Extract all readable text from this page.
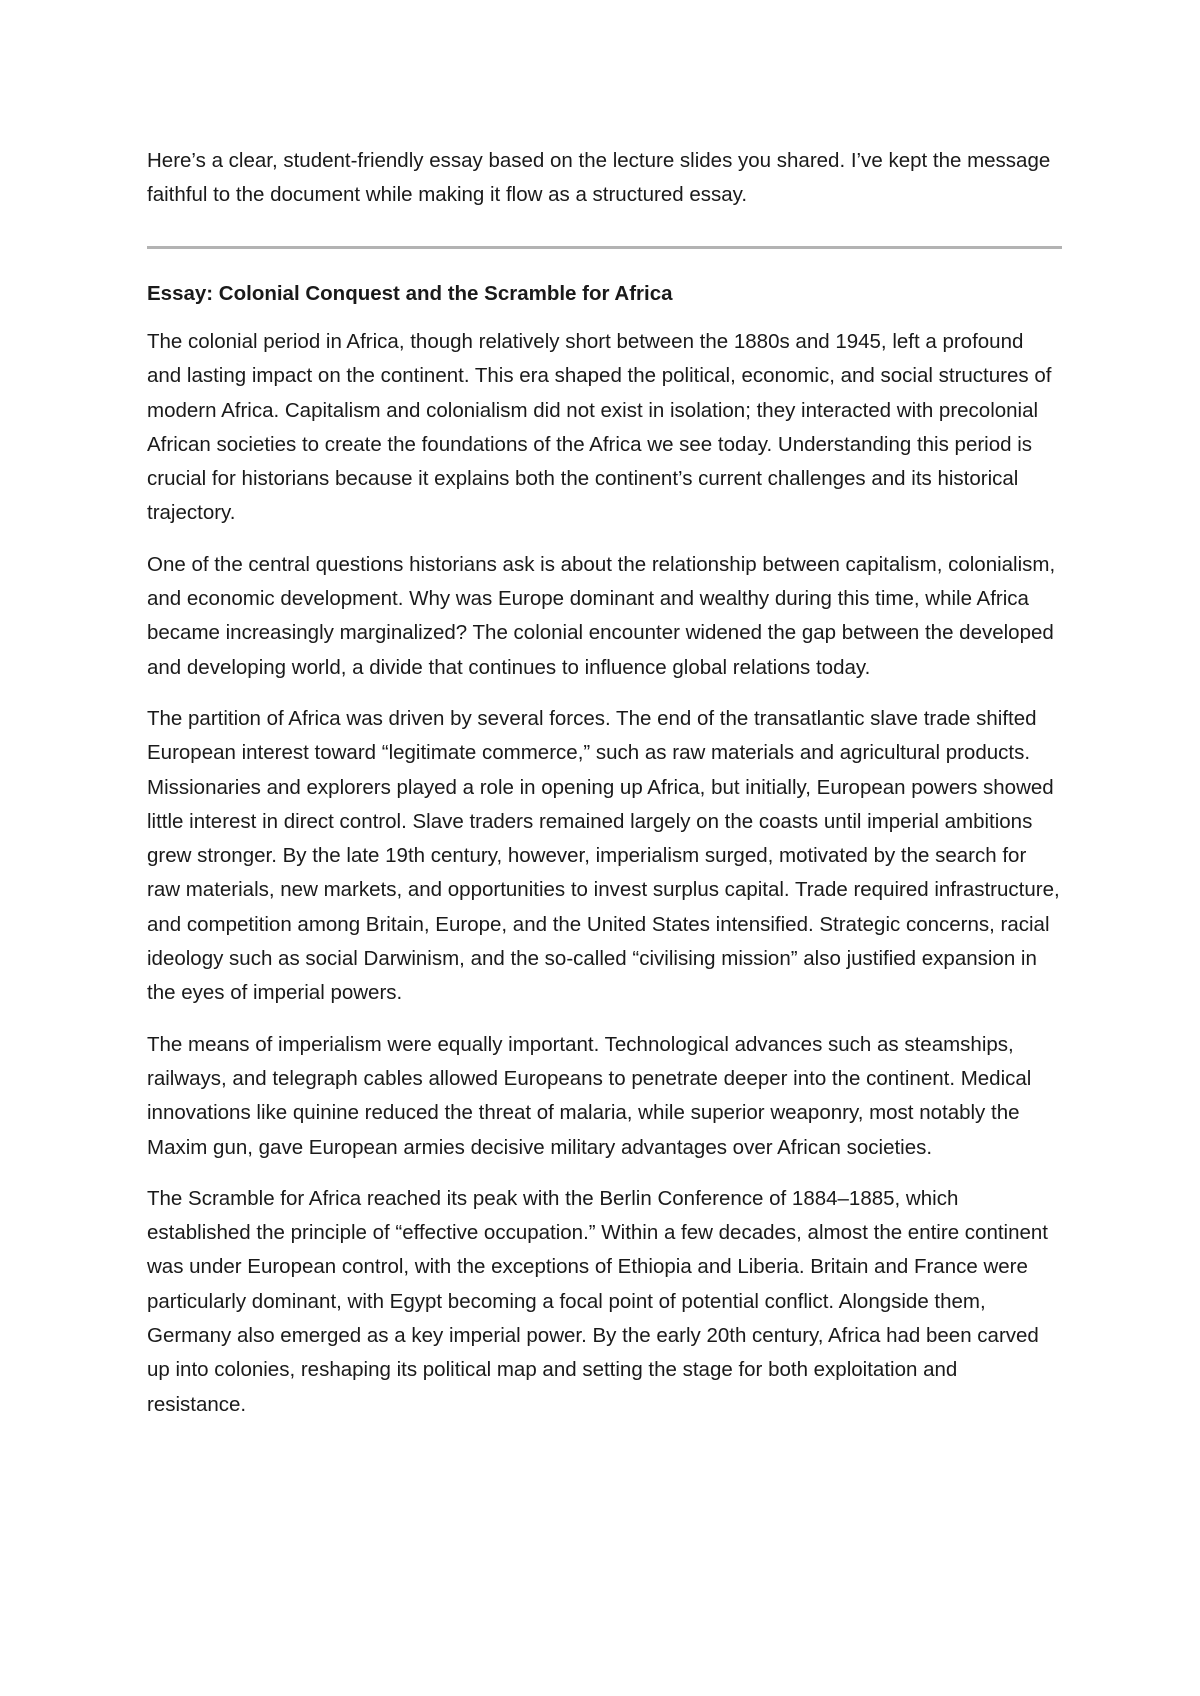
Here’s a clear, student-friendly essay based on the lecture slides you shared. I’ve kept the message faithful to the document while making it flow as a structured essay.

Essay: Colonial Conquest and the Scramble for Africa

The colonial period in Africa, though relatively short between the 1880s and 1945, left a profound and lasting impact on the continent. This era shaped the political, economic, and social structures of modern Africa. Capitalism and colonialism did not exist in isolation; they interacted with precolonial African societies to create the foundations of the Africa we see today. Understanding this period is crucial for historians because it explains both the continent’s current challenges and its historical trajectory.

One of the central questions historians ask is about the relationship between capitalism, colonialism, and economic development. Why was Europe dominant and wealthy during this time, while Africa became increasingly marginalized? The colonial encounter widened the gap between the developed and developing world, a divide that continues to influence global relations today.

The partition of Africa was driven by several forces. The end of the transatlantic slave trade shifted European interest toward “legitimate commerce,” such as raw materials and agricultural products. Missionaries and explorers played a role in opening up Africa, but initially, European powers showed little interest in direct control. Slave traders remained largely on the coasts until imperial ambitions grew stronger. By the late 19th century, however, imperialism surged, motivated by the search for raw materials, new markets, and opportunities to invest surplus capital. Trade required infrastructure, and competition among Britain, Europe, and the United States intensified. Strategic concerns, racial ideology such as social Darwinism, and the so-called “civilising mission” also justified expansion in the eyes of imperial powers.

The means of imperialism were equally important. Technological advances such as steamships, railways, and telegraph cables allowed Europeans to penetrate deeper into the continent. Medical innovations like quinine reduced the threat of malaria, while superior weaponry, most notably the Maxim gun, gave European armies decisive military advantages over African societies.

The Scramble for Africa reached its peak with the Berlin Conference of 1884–1885, which established the principle of “effective occupation.” Within a few decades, almost the entire continent was under European control, with the exceptions of Ethiopia and Liberia. Britain and France were particularly dominant, with Egypt becoming a focal point of potential conflict. Alongside them, Germany also emerged as a key imperial power. By the early 20th century, Africa had been carved up into colonies, reshaping its political map and setting the stage for both exploitation and resistance.
